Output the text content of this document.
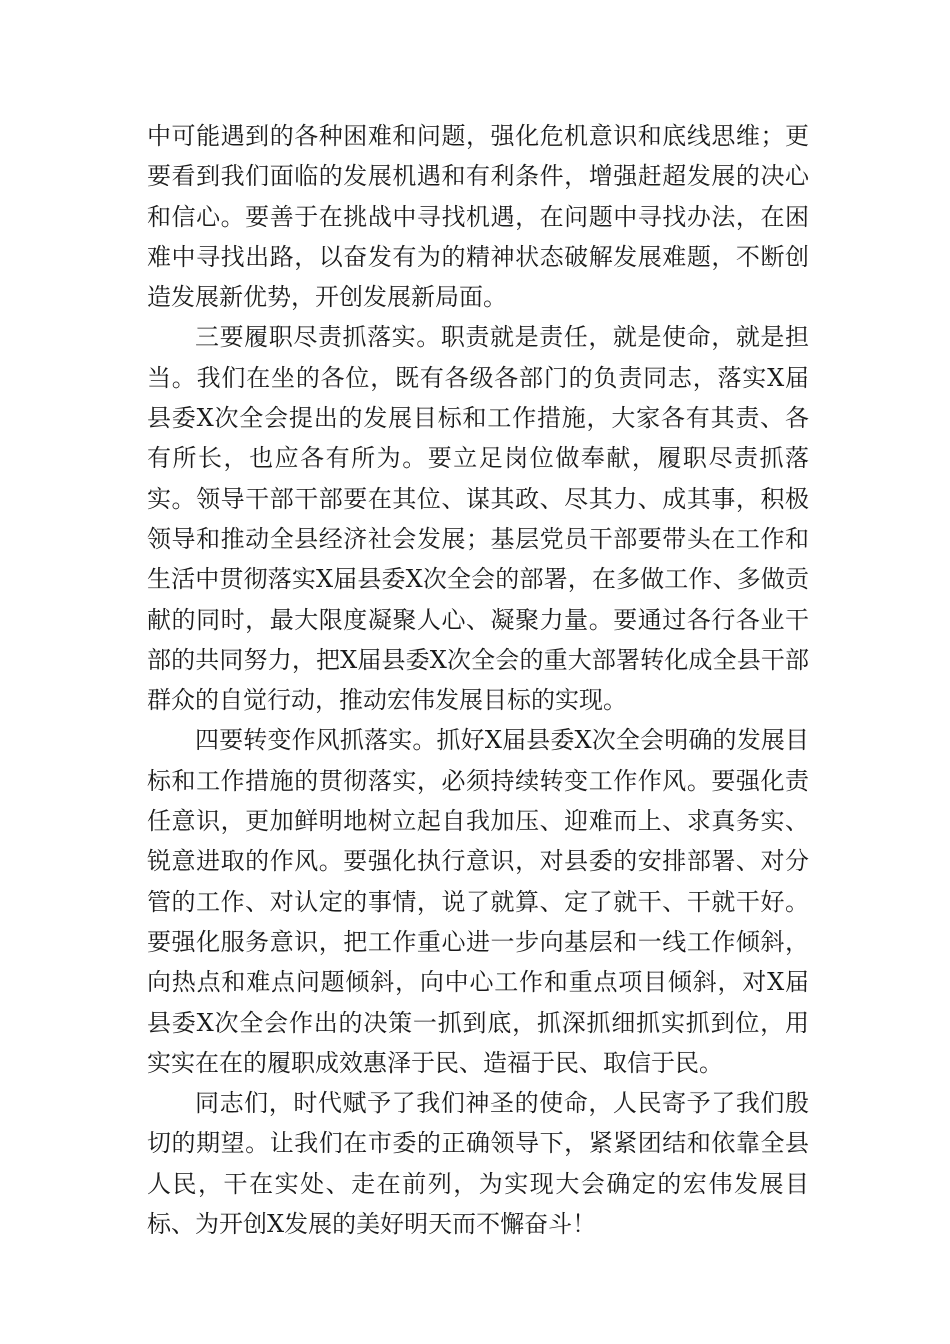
中可能遇到的各种困难和问题，强化危机意识和底线思维；更要看到我们面临的发展机遇和有利条件，增强赶超发展的决心和信心。要善于在挑战中寻找机遇，在问题中寻找办法，在困难中寻找出路，以奋发有为的精神状态破解发展难题，不断创造发展新优势，开创发展新局面。

三要履职尽责抓落实。职责就是责任，就是使命，就是担当。我们在坐的各位，既有各级各部门的负责同志，落实X届县委X次全会提出的发展目标和工作措施，大家各有其责、各有所长，也应各有所为。要立足岗位做奉献，履职尽责抓落实。领导干部干部要在其位、谋其政、尽其力、成其事，积极领导和推动全县经济社会发展；基层党员干部要带头在工作和生活中贯彻落实X届县委X次全会的部署，在多做工作、多做贡献的同时，最大限度凝聚人心、凝聚力量。要通过各行各业干部的共同努力，把X届县委X次全会的重大部署转化成全县干部群众的自觉行动，推动宏伟发展目标的实现。

四要转变作风抓落实。抓好X届县委X次全会明确的发展目标和工作措施的贯彻落实，必须持续转变工作作风。要强化责任意识，更加鲜明地树立起自我加压、迎难而上、求真务实、锐意进取的作风。要强化执行意识，对县委的安排部署、对分管的工作、对认定的事情，说了就算、定了就干、干就干好。要强化服务意识，把工作重心进一步向基层和一线工作倾斜，向热点和难点问题倾斜，向中心工作和重点项目倾斜，对X届县委X次全会作出的决策一抓到底，抓深抓细抓实抓到位，用实实在在的履职成效惠泽于民、造福于民、取信于民。

同志们，时代赋予了我们神圣的使命，人民寄予了我们殷切的期望。让我们在市委的正确领导下，紧紧团结和依靠全县人民，干在实处、走在前列，为实现大会确定的宏伟发展目标、为开创X发展的美好明天而不懈奋斗！
